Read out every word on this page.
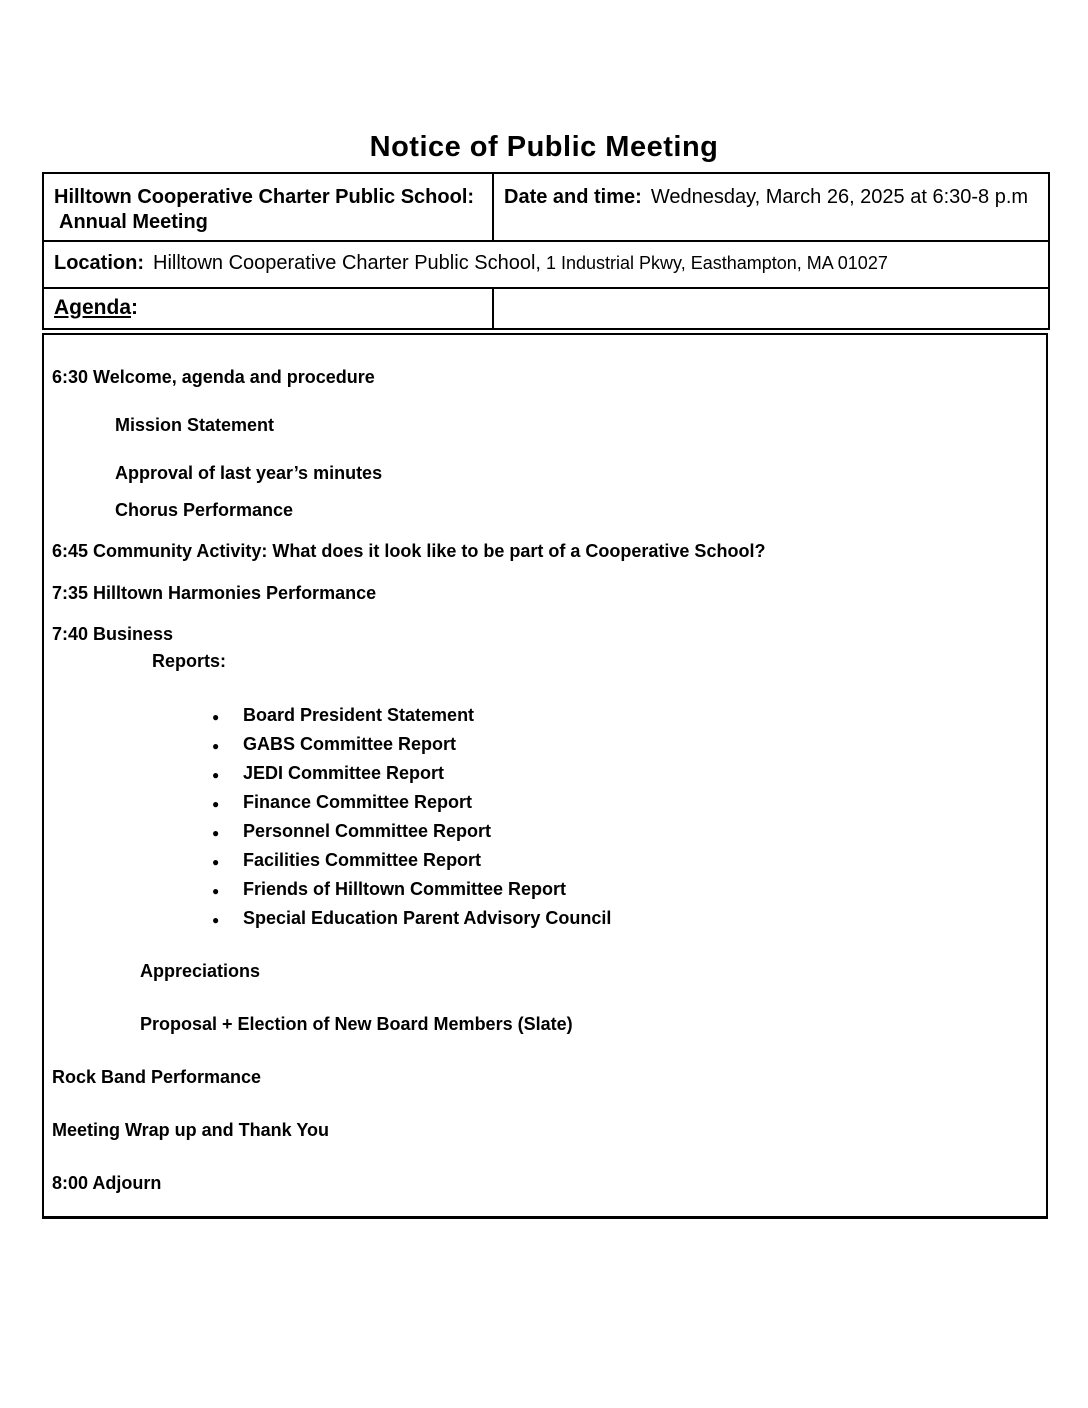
Notice of Public Meeting
Hilltown Cooperative Charter Public School:
Annual Meeting	Date and time: Wednesday, March 26, 2025 at 6:30-8 p.m

Location: Hilltown Cooperative Charter Public School,
1 Industrial Pkwy, Easthampton, MA 01027	

Agenda :	

6:30 Welcome, agenda and procedure

Mission Statement

Approval of last year’s minutes

Chorus Performance

6:45 Community Activity: What does it look like to be part of a Cooperative School?

7:35 Hilltown Harmonies Performance

7:40 Business

Reports:

●
Board President Statement
●
GABS Committee Report
●
JEDI Committee Report
●
Finance Committee Report
●
Personnel Committee Report
●
Facilities Committee Report
●
Friends of Hilltown Committee Report
●
Special Education Parent Advisory Council

Appreciations

Proposal + Election of New Board Members (Slate)

Rock Band Performance

Meeting Wrap up and Thank You

8:00 Adjourn
